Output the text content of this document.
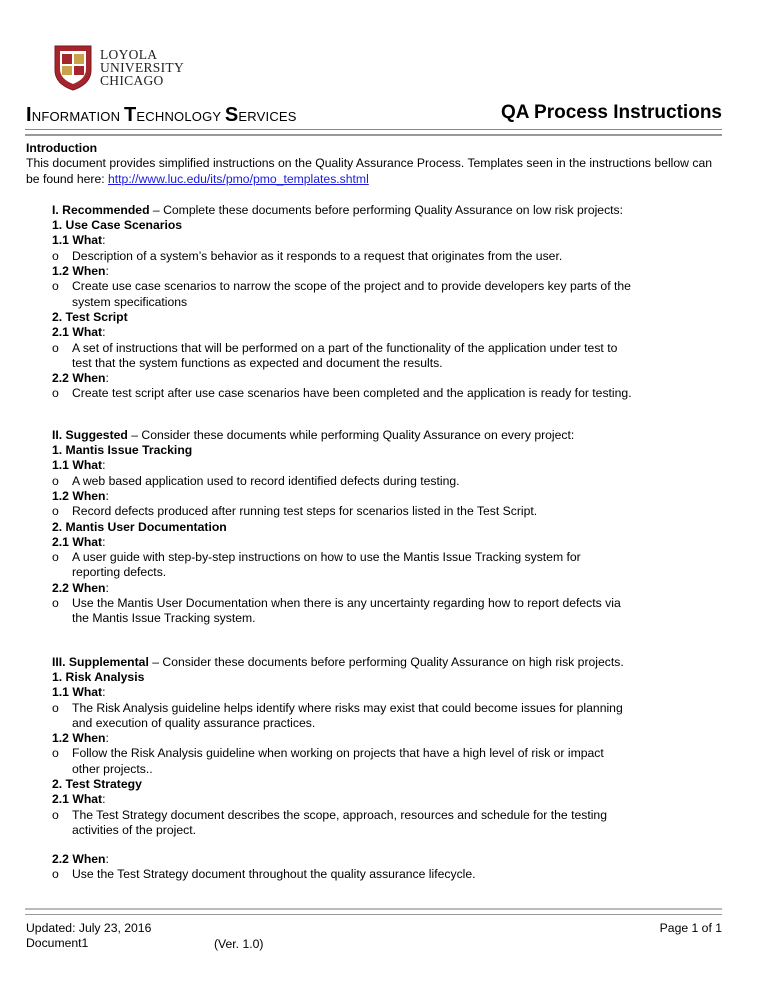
LOYOLA
UNIVERSITY
CHICAGO
INFORMATION TECHNOLOGY SERVICES	QA Process Instructions

Introduction

This document provides simplified instructions on the Quality Assurance Process. Templates seen in the instructions bellow can be found here: http://www.luc.edu/its/pmo/pmo_templates.shtml

I. Recommended – Complete these documents before performing Quality Assurance on low risk projects:

1. Use Case Scenarios

1.1 What:

o Description of a system’s behavior as it responds to a request that originates from the user.

1.2 When:

o Create use case scenarios to narrow the scope of the project and to provide developers key parts of the system specifications

2. Test Script

2.1 What:

o A set of instructions that will be performed on a part of the functionality of the application under test to test that the system functions as expected and document the results.

2.2 When:

o Create test script after use case scenarios have been completed and the application is ready for testing.

II. Suggested – Consider these documents while performing Quality Assurance on every project:

1. Mantis Issue Tracking

1.1 What:

o A web based application used to record identified defects during testing.

1.2 When:

o Record defects produced after running test steps for scenarios listed in the Test Script.

2. Mantis User Documentation

2.1 What:

o A user guide with step-by-step instructions on how to use the Mantis Issue Tracking system for reporting defects.

2.2 When:

o Use the Mantis User Documentation when there is any uncertainty regarding how to report defects via the Mantis Issue Tracking system.

III. Supplemental – Consider these documents before performing Quality Assurance on high risk projects.

1. Risk Analysis

1.1 What:

o The Risk Analysis guideline helps identify where risks may exist that could become issues for planning and execution of quality assurance practices.

1.2 When:

o Follow the Risk Analysis guideline when working on projects that have a high level of risk or impact other projects..

2. Test Strategy

2.1 What:

o The Test Strategy document describes the scope, approach, resources and schedule for the testing activities of the project.

2.2 When:

o Use the Test Strategy document throughout the quality assurance lifecycle.

Updated: July 23, 2016
Document1	(Ver. 1.0)
Page 1 of 1
